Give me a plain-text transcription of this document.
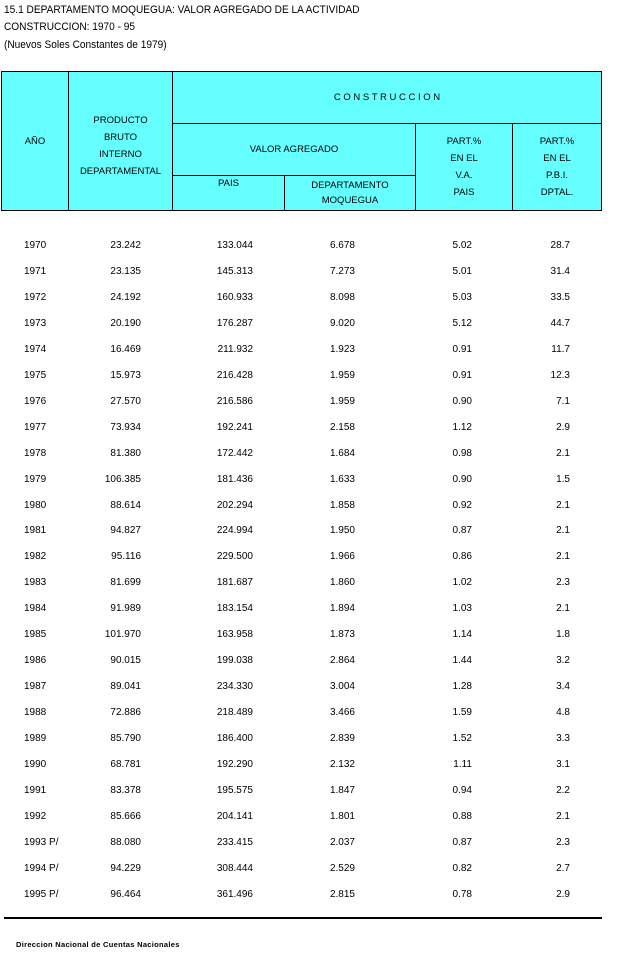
15.1 DEPARTAMENTO MOQUEGUA: VALOR AGREGADO DE LA ACTIVIDAD
CONSTRUCCION: 1970 - 95
(Nuevos Soles Constantes de 1979)
AÑO
PRODUCTO
BRUTO
INTERNO
DEPARTAMENTAL
C O N S T R U C C I O N
VALOR AGREGADO
PART.%
EN EL
V.A.
PAIS
PART.%
EN EL
P.B.I.
DPTAL.
PAIS	DEPARTAMENTO
MOQUEGUA
1970	23.242	133.044	6.678	5.02	28.7
1971	23.135	145.313	7.273	5.01	31.4
1972	24.192	160.933	8.098	5.03	33.5
1973	20.190	176.287	9.020	5.12	44.7
1974	16.469	211.932	1.923	0.91	11.7
1975	15.973	216.428	1.959	0.91	12.3
1976	27.570	216.586	1.959	0.90	7.1
1977	73.934	192.241	2.158	1.12	2.9
1978	81.380	172.442	1.684	0.98	2.1
1979	106.385	181.436	1.633	0.90	1.5
1980	88.614	202.294	1.858	0.92	2.1
1981	94.827	224.994	1.950	0.87	2.1
1982	95.116	229.500	1.966	0.86	2.1
1983	81.699	181.687	1.860	1.02	2.3
1984	91.989	183.154	1.894	1.03	2.1
1985	101.970	163.958	1.873	1.14	1.8
1986	90.015	199.038	2.864	1.44	3.2
1987	89.041	234.330	3.004	1.28	3.4
1988	72.886	218.489	3.466	1.59	4.8
1989	85.790	186.400	2.839	1.52	3.3
1990	68.781	192.290	2.132	1.11	3.1
1991	83.378	195.575	1.847	0.94	2.2
1992	85.666	204.141	1.801	0.88	2.1
1993 P/	88.080	233.415	2.037	0.87	2.3
1994 P/	94.229	308.444	2.529	0.82	2.7
1995 P/	96.464	361.496	2.815	0.78	2.9
Direccion Nacional de Cuentas Nacionales
